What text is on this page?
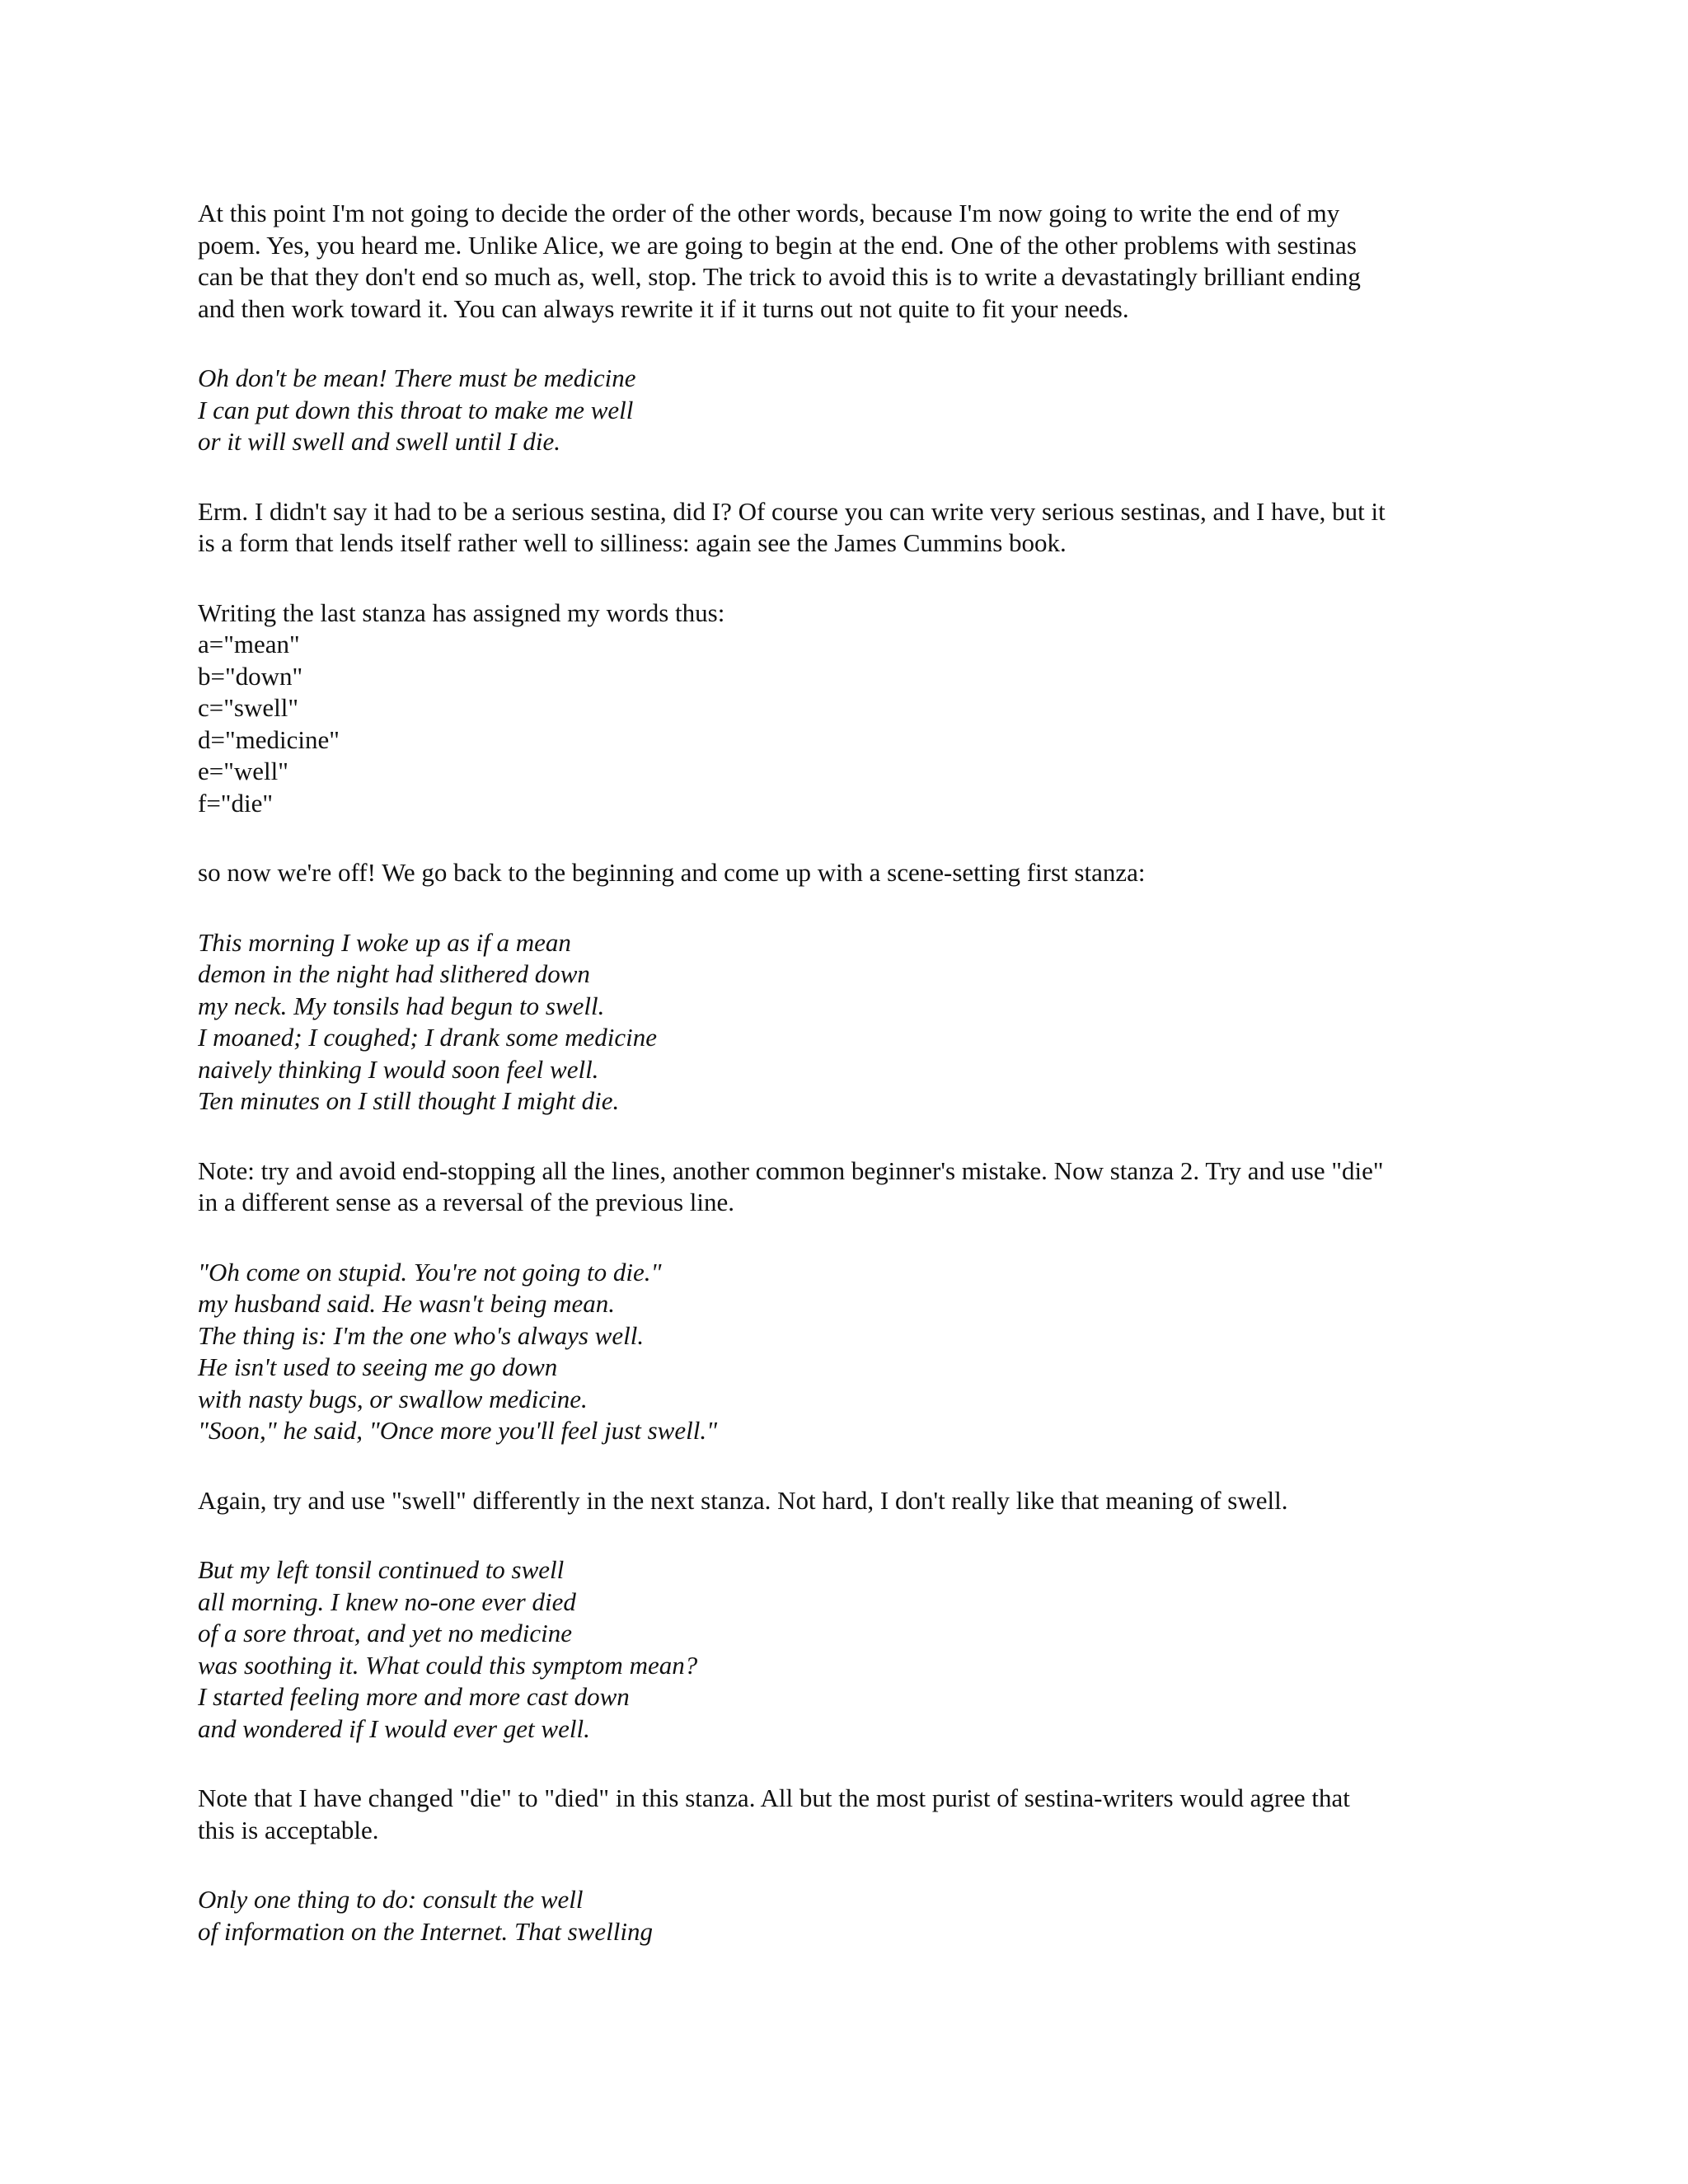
At this point I'm not going to decide the order of the other words, because I'm now going to write the end of my
poem. Yes, you heard me. Unlike Alice, we are going to begin at the end. One of the other problems with sestinas
can be that they don't end so much as, well, stop. The trick to avoid this is to write a devastatingly brilliant ending
and then work toward it. You can always rewrite it if it turns out not quite to fit your needs.
Oh don't be mean! There must be medicine
I can put down this throat to make me well
or it will swell and swell until I die.
Erm. I didn't say it had to be a serious sestina, did I? Of course you can write very serious sestinas, and I have, but it
is a form that lends itself rather well to silliness: again see the James Cummins book.
Writing the last stanza has assigned my words thus:
a="mean"
b="down"
c="swell"
d="medicine"
e="well"
f="die"
so now we're off! We go back to the beginning and come up with a scene-setting first stanza:
This morning I woke up as if a mean
demon in the night had slithered down
my neck. My tonsils had begun to swell.
I moaned; I coughed; I drank some medicine
naively thinking I would soon feel well.
Ten minutes on I still thought I might die.
Note: try and avoid end-stopping all the lines, another common beginner's mistake. Now stanza 2. Try and use "die"
in a different sense as a reversal of the previous line.
"Oh come on stupid. You're not going to die."
my husband said. He wasn't being mean.
The thing is: I'm the one who's always well.
He isn't used to seeing me go down
with nasty bugs, or swallow medicine.
"Soon," he said, "Once more you'll feel just swell."
Again, try and use "swell" differently in the next stanza. Not hard, I don't really like that meaning of swell.
But my left tonsil continued to swell
all morning. I knew no-one ever died
of a sore throat, and yet no medicine
was soothing it. What could this symptom mean?
I started feeling more and more cast down
and wondered if I would ever get well.
Note that I have changed "die" to "died" in this stanza. All but the most purist of sestina-writers would agree that
this is acceptable.
Only one thing to do: consult the well
of information on the Internet. That swelling
